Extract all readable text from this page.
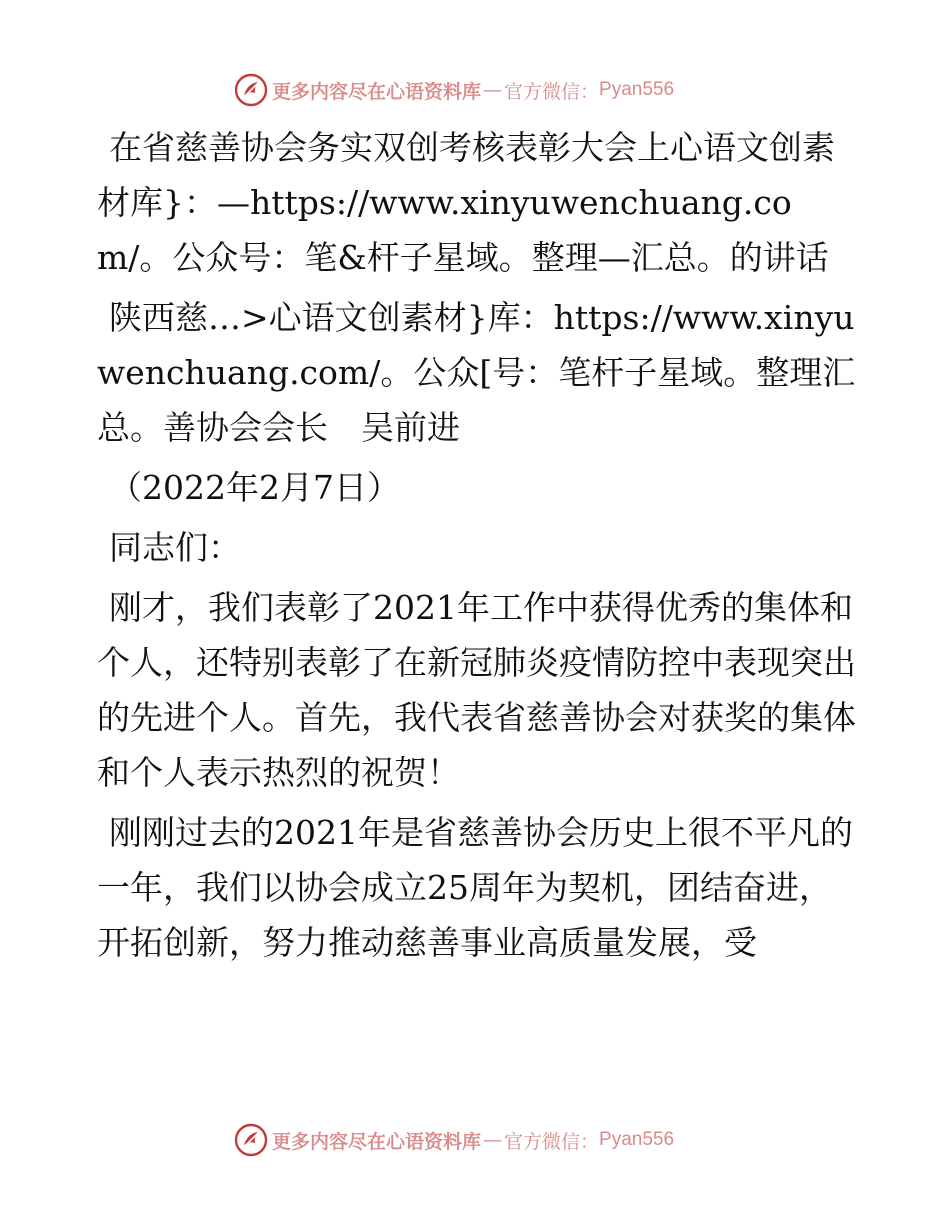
更多内容尽在心语资料库 — 官方微信： Pyan556

在省慈善协会务实双创考核表彰大会上心语文创素材库}：—https://www.xinyuwenchuang.com/。公众号：笔&杆子星域。整理—汇总。的讲话

陕西慈…>心语文创素材}库：https://www.xinyuwenchuang.com/。公众[号：笔杆子星域。整理汇总。善协会会长　吴前进

（2022年2月7日）

同志们：

刚才，我们表彰了2021年工作中获得优秀的集体和个人，还特别表彰了在新冠肺炎疫情防控中表现突出的先进个人。首先，我代表省慈善协会对获奖的集体和个人表示热烈的祝贺！

刚刚过去的2021年是省慈善协会历史上很不平凡的一年，我们以协会成立25周年为契机，团结奋进，开拓创新，努力推动慈善事业高质量发展，受

更多内容尽在心语资料库 — 官方微信： Pyan556
